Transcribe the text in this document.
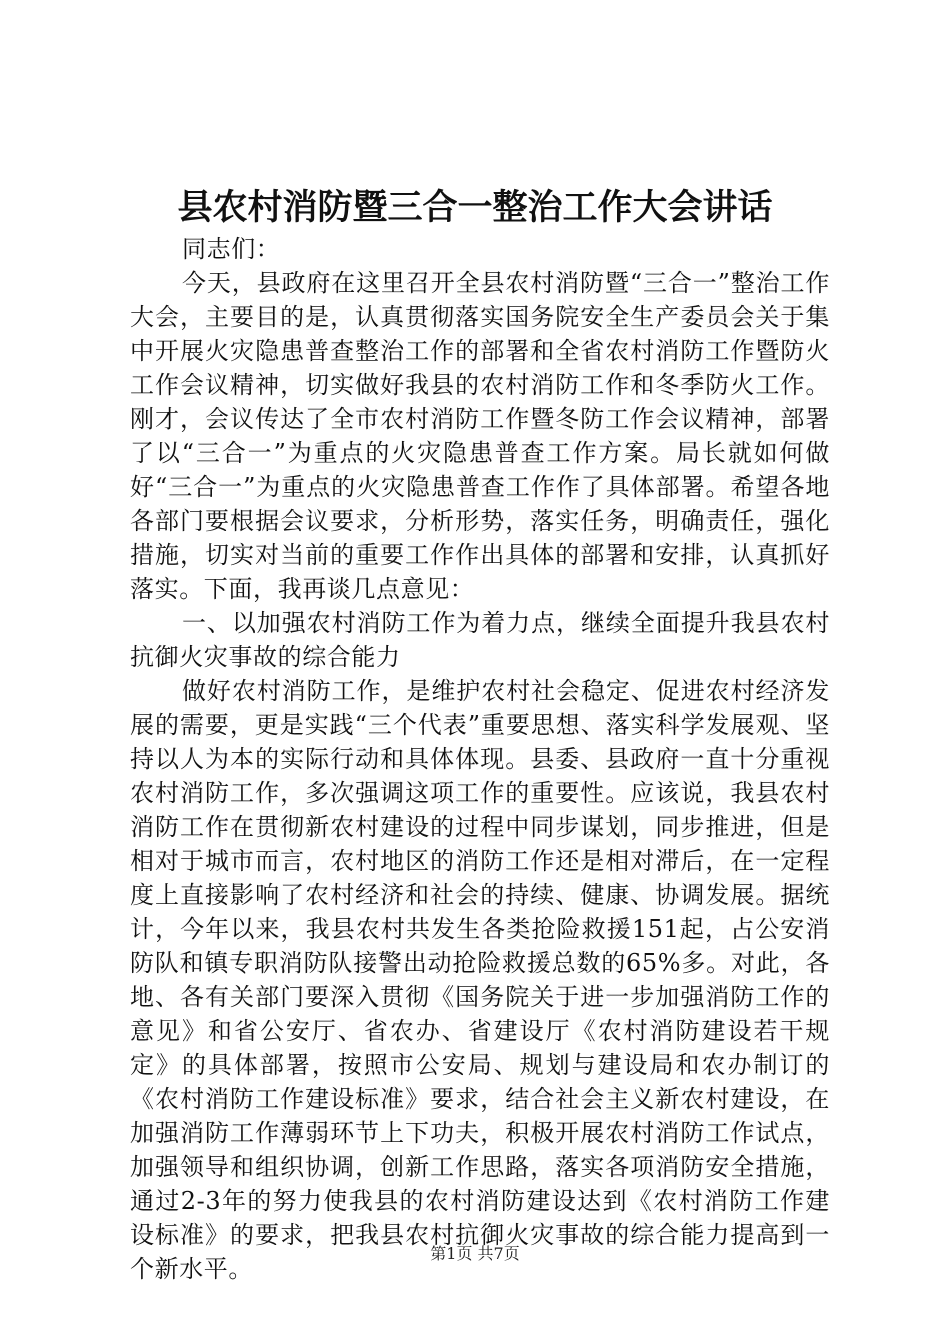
县农村消防暨三合一整治工作大会讲话

同志们：

今天，县政府在这里召开全县农村消防暨“三合一”整治工作大会，主要目的是，认真贯彻落实国务院安全生产委员会关于集中开展火灾隐患普查整治工作的部署和全省农村消防工作暨防火工作会议精神，切实做好我县的农村消防工作和冬季防火工作。刚才，会议传达了全市农村消防工作暨冬防工作会议精神，部署了以“三合一”为重点的火灾隐患普查工作方案。局长就如何做好“三合一”为重点的火灾隐患普查工作作了具体部署。希望各地各部门要根据会议要求，分析形势，落实任务，明确责任，强化措施，切实对当前的重要工作作出具体的部署和安排，认真抓好落实。下面，我再谈几点意见：

一、以加强农村消防工作为着力点，继续全面提升我县农村抗御火灾事故的综合能力

做好农村消防工作，是维护农村社会稳定、促进农村经济发展的需要，更是实践“三个代表”重要思想、落实科学发展观、坚持以人为本的实际行动和具体体现。县委、县政府一直十分重视农村消防工作，多次强调这项工作的重要性。应该说，我县农村消防工作在贯彻新农村建设的过程中同步谋划，同步推进，但是相对于城市而言，农村地区的消防工作还是相对滞后，在一定程度上直接影响了农村经济和社会的持续、健康、协调发展。据统计，今年以来，我县农村共发生各类抢险救援151起，占公安消防队和镇专职消防队接警出动抢险救援总数的65%多。对此，各地、各有关部门要深入贯彻《国务院关于进一步加强消防工作的意见》和省公安厅、省农办、省建设厅《农村消防建设若干规定》的具体部署，按照市公安局、规划与建设局和农办制订的《农村消防工作建设标准》要求，结合社会主义新农村建设，在加强消防工作薄弱环节上下功夫，积极开展农村消防工作试点，加强领导和组织协调，创新工作思路，落实各项消防安全措施，通过2-3年的努力使我县的农村消防建设达到《农村消防工作建设标准》的要求，把我县农村抗御火灾事故的综合能力提高到一个新水平。

第1页 共7页
